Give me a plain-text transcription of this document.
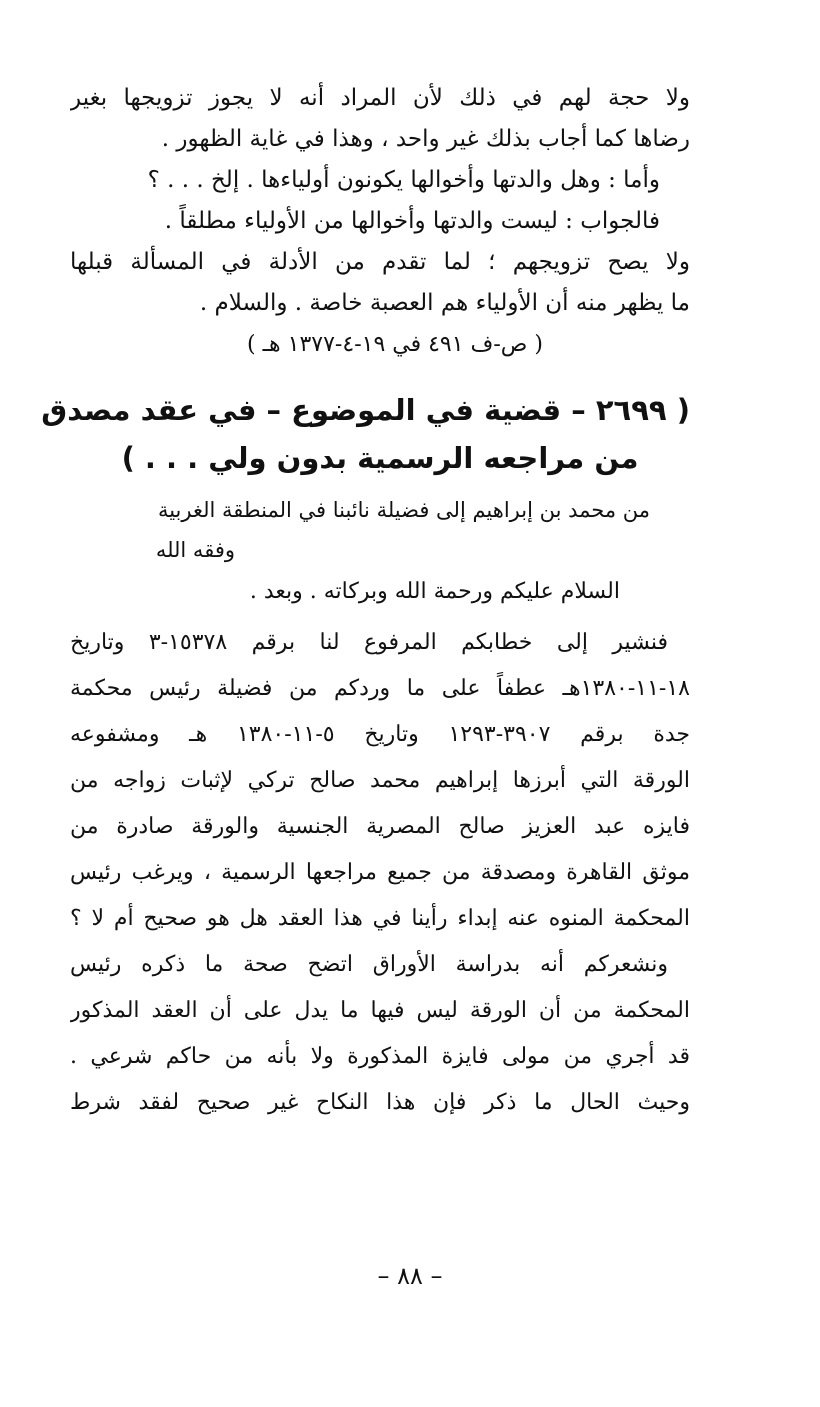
ولا حجة لهم في ذلك لأن المراد أنه لا يجوز تزويجها بغير
رضاها كما أجاب بذلك غير واحد ، وهذا في غاية الظهور .
وأما : وهل والدتها وأخوالها يكونون أولياءها . إلخ . . . ؟
فالجواب : ليست والدتها وأخوالها من الأولياء مطلقاً .
ولا يصح تزويجهم ؛ لما تقدم من الأدلة في المسألة قبلها
ما يظهر منه أن الأولياء هم العصبة خاصة . والسلام .
( ص-ف ٤٩١ في ١٩-٤-١٣٧٧ هـ )
( ٢٦٩٩ – قضية في الموضوع – في عقد مصدق
من مراجعه الرسمية بدون ولي . . . )
من محمد بن إبراهيم إلى فضيلة نائبنا في المنطقة الغربية
وفقه الله
السلام عليكم ورحمة الله وبركاته . وبعد .
فنشير إلى خطابكم المرفوع لنا برقم ١٥٣٧٨-٣ وتاريخ
١٨-١١-١٣٨٠هـ عطفاً على ما وردكم من فضيلة رئيس محكمة
جدة برقم ٣٩٠٧-١٢٩٣ وتاريخ ٥-١١-١٣٨٠ هـ ومشفوعه
الورقة التي أبرزها إبراهيم محمد صالح تركي لإثبات زواجه من
فايزه عبد العزيز صالح المصرية الجنسية والورقة صادرة من
موثق القاهرة ومصدقة من جميع مراجعها الرسمية ، ويرغب رئيس
المحكمة المنوه عنه إبداء رأينا في هذا العقد هل هو صحيح أم لا ؟
ونشعركم أنه بدراسة الأوراق اتضح صحة ما ذكره رئيس
المحكمة من أن الورقة ليس فيها ما يدل على أن العقد المذكور
قد أجري من مولى فايزة المذكورة ولا بأنه من حاكم شرعي .
وحيث الحال ما ذكر فإن هذا النكاح غير صحيح لفقد شرط
– ٨٨ –
